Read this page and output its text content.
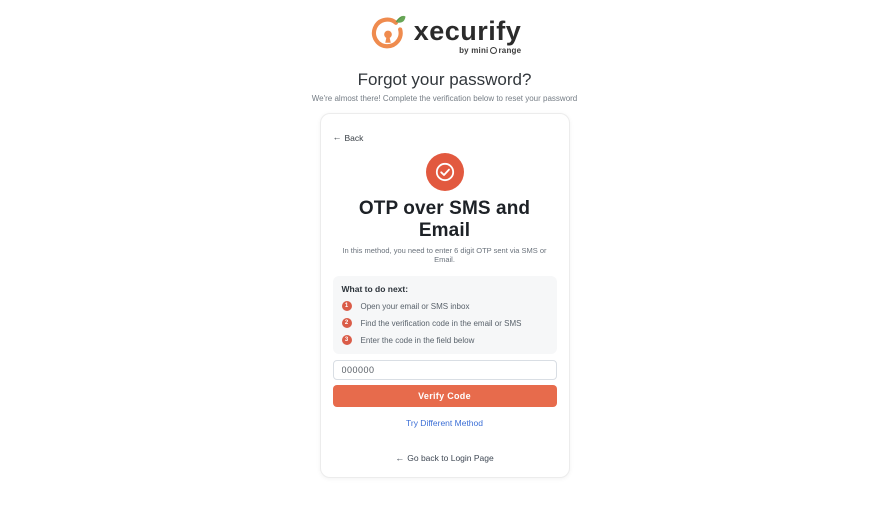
xecurify
by mini range
Forgot your password?
We're almost there! Complete the verification below to reset your password
← Back
OTP over SMS and Email
In this method, you need to enter 6 digit OTP sent via SMS or Email.
What to do next:
1	Open your email or SMS inbox
2	Find the verification code in the email or SMS
3	Enter the code in the field below
000000 Verify Code
Try Different Method
← Go back to Login Page
